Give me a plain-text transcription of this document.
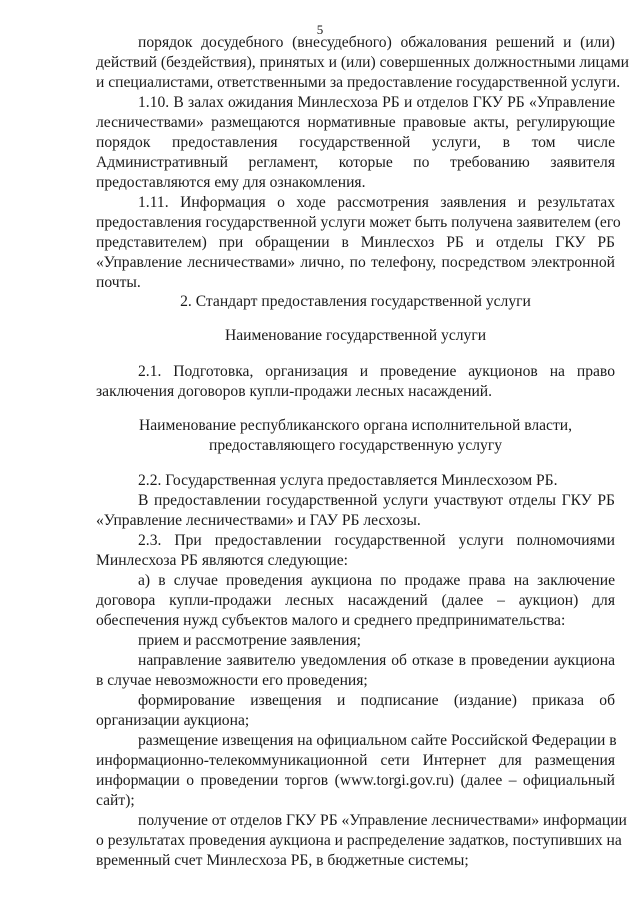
5
порядок досудебного (внесудебного) обжалования решений и (или)
действий (бездействия), принятых и (или) совершенных должностными лицами
и специалистами, ответственными за предоставление государственной услуги.
1.10. В залах ожидания Минлесхоза РБ и отделов ГКУ РБ «Управление
лесничествами» размещаются нормативные правовые акты, регулирующие
порядок предоставления государственной услуги, в том числе
Административный регламент, которые по требованию заявителя
предоставляются ему для ознакомления.
1.11. Информация о ходе рассмотрения заявления и результатах
предоставления государственной услуги может быть получена заявителем (его
представителем) при обращении в Минлесхоз РБ и отделы ГКУ РБ
«Управление лесничествами» лично, по телефону, посредством электронной
почты.
2. Стандарт предоставления государственной услуги
Наименование государственной услуги
2.1. Подготовка, организация и проведение аукционов на право
заключения договоров купли-продажи лесных насаждений.
Наименование республиканского органа исполнительной власти,
предоставляющего государственную услугу
2.2. Государственная услуга предоставляется Минлесхозом РБ.
В предоставлении государственной услуги участвуют отделы ГКУ РБ
«Управление лесничествами» и ГАУ РБ лесхозы.
2.3. При предоставлении государственной услуги полномочиями
Минлесхоза РБ являются следующие:
а) в случае проведения аукциона по продаже права на заключение
договора купли-продажи лесных насаждений (далее – аукцион) для
обеспечения нужд субъектов малого и среднего предпринимательства:
прием и рассмотрение заявления;
направление заявителю уведомления об отказе в проведении аукциона
в случае невозможности его проведения;
формирование извещения и подписание (издание) приказа об
организации аукциона;
размещение извещения на официальном сайте Российской Федерации в
информационно-телекоммуникационной сети Интернет для размещения
информации о проведении торгов (www.torgi.gov.ru) (далее – официальный
сайт);
получение от отделов ГКУ РБ «Управление лесничествами» информации
о результатах проведения аукциона и распределение задатков, поступивших на
временный счет Минлесхоза РБ, в бюджетные системы;
